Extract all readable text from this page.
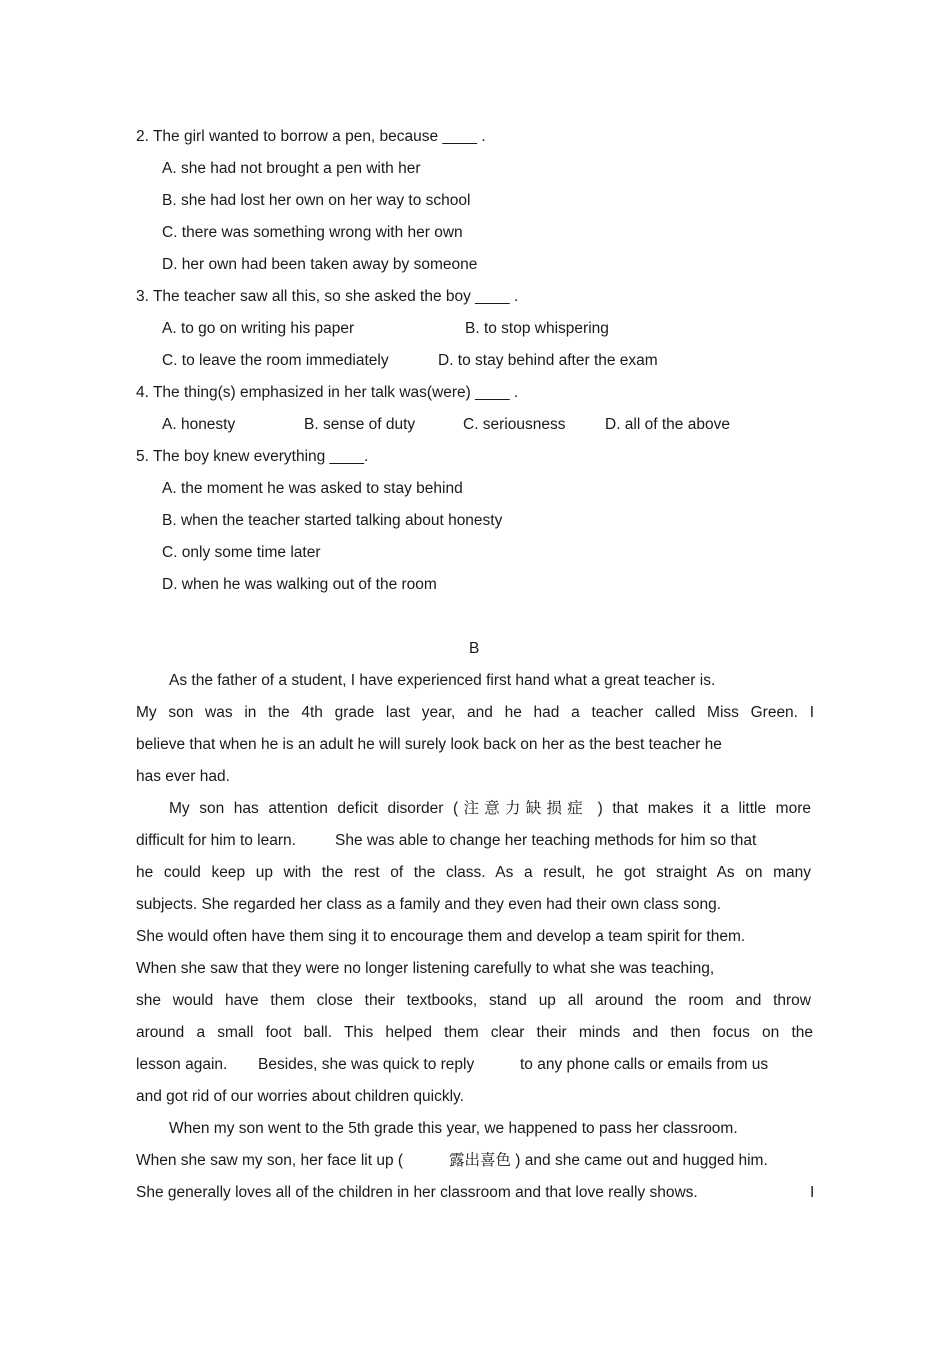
2. The girl wanted to borrow a pen, because ____ .
A. she had not brought a pen with her
B. she had lost her own on her way to school
C. there was something wrong with her own
D. her own had been taken away by someone
3. The teacher saw all this, so she asked the boy ____ .
A. to go on writing his paper	B. to stop whispering
C. to leave the room immediately	D. to stay behind after the exam
4. The thing(s) emphasized in her talk was(were) ____ .
A. honesty	B. sense of duty	C. seriousness	D. all of the above
5. The boy knew everything ____.
A. the moment he was asked to stay behind
B. when the teacher started talking about honesty
C. only some time later
D. when he was walking out of the room
B
As the father of a student, I have experienced first hand what a great teacher is.
My son was in the 4th grade last year, and he had a teacher called Miss Green. I
believe that when he is an adult he will surely look back on her as the best teacher he
has ever had.
My son has attention deficit disorder (注意力缺损症 ) that makes it a little more
difficult for him to learn.	She was able to change her teaching methods for him so that
he could keep up with the rest of the class. As a result, he got straight As on many
subjects. She regarded her class as a family and they even had their own class song.
She would often have them sing it to encourage them and develop a team spirit for them.
When she saw that they were no longer listening carefully to what she was teaching,
she would have them close their textbooks, stand up all around the room and throw
around a small foot ball. This helped them clear their minds and then focus on the
lesson again. Besides, she was quick to reply	to any phone calls or emails from us
and got rid of our worries about children quickly.
When my son went to the 5th grade this year, we happened to pass her classroom.
When she saw my son, her face lit up (	露出喜色 ) and she came out and hugged him.
She generally loves all of the children in her classroom and that love really shows.	I
